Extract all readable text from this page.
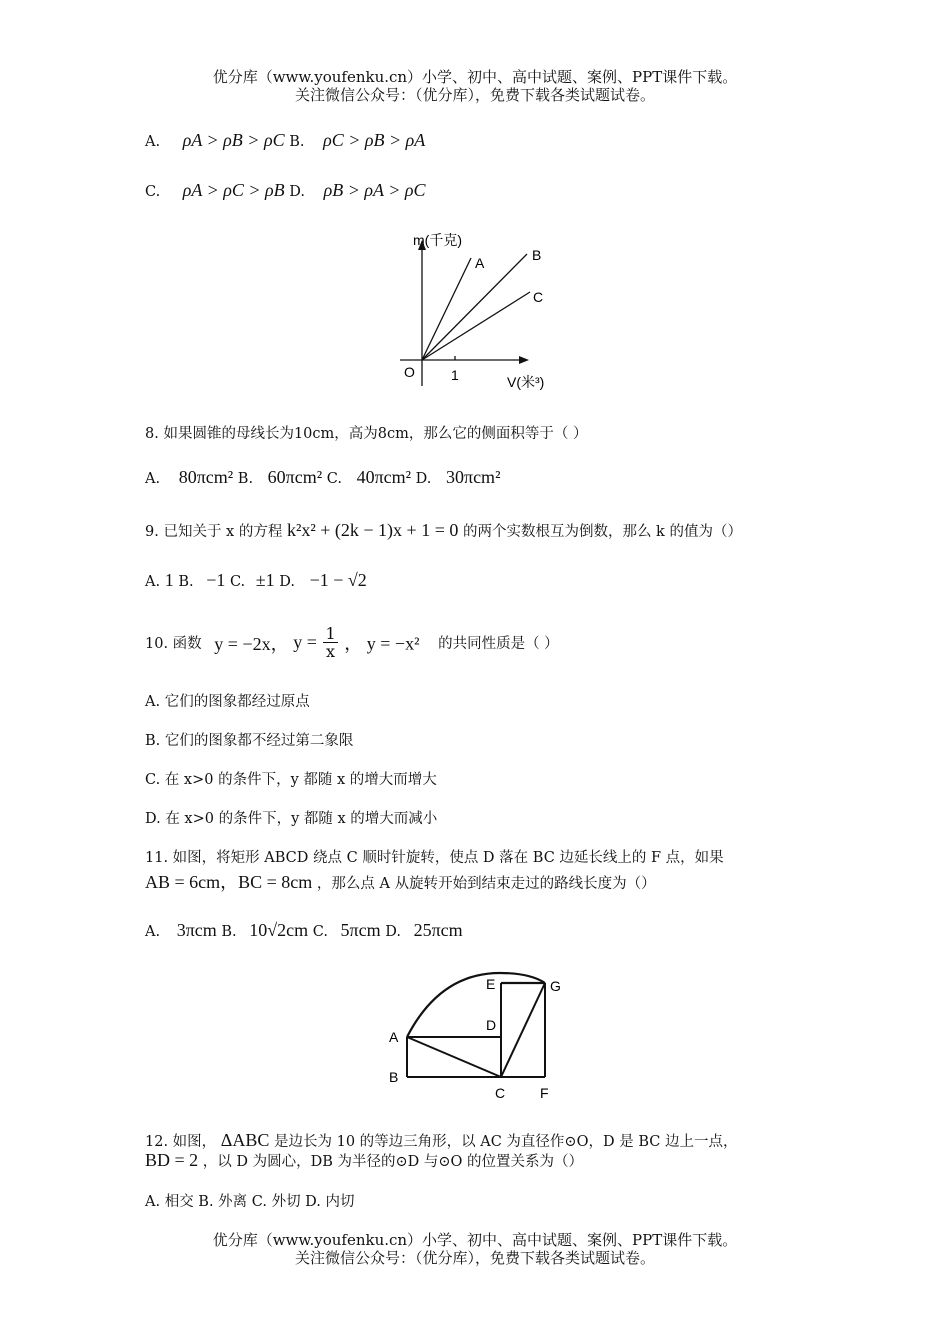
优分库（www.youfenku.cn）小学、初中、高中试题、案例、PPT课件下载。
关注微信公众号：（优分库），免费下载各类试题试卷。
A. ρA > ρB > ρC B. ρC > ρB > ρA
C. ρA > ρC > ρB D. ρB > ρA > ρC
m(千克)
V(米³)
O	1
A	B
C
8. 如果圆锥的母线长为10cm，高为8cm，那么它的侧面积等于（ ）
A. 80πcm² B. 60πcm² C. 40πcm² D. 30πcm²
9. 已知关于 x 的方程 k²x² + (2k − 1)x + 1 = 0 的两个实数根互为倒数，那么 k 的值为（）
A. 1 B. −1 C. ±1 D. −1 − √2
10. 函数 y = −2x， $y = \frac{1}{x}$ ， y = −x² 的共同性质是（ ）
A. 它们的图象都经过原点
B. 它们的图象都不经过第二象限
C. 在 x>0 的条件下，y 都随 x 的增大而增大
D. 在 x>0 的条件下，y 都随 x 的增大而减小
11. 如图，将矩形 ABCD 绕点 C 顺时针旋转，使点 D 落在 BC 边延长线上的 F 点，如果
AB = 6cm，BC = 8cm ，那么点 A 从旋转开始到结束走过的路线长度为（）
A. 3πcm B. 10√2cm C. 5πcm D. 25πcm
A
B
C
D
E
F
G
12. 如图， ΔABC 是边长为 10 的等边三角形，以 AC 为直径作⊙O，D 是 BC 边上一点，
BD = 2 ，以 D 为圆心，DB 为半径的⊙D 与⊙O 的位置关系为（）
A. 相交 B. 外离 C. 外切 D. 内切
优分库（www.youfenku.cn）小学、初中、高中试题、案例、PPT课件下载。
关注微信公众号：（优分库），免费下载各类试题试卷。
